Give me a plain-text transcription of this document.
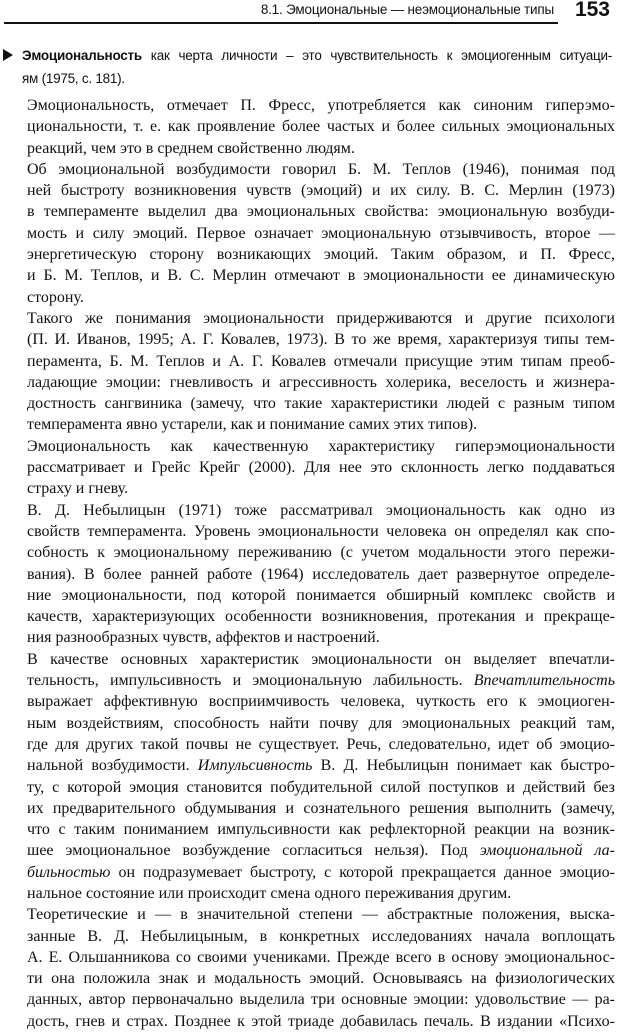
8.1. Эмоциональные — неэмоциональные типы 153

Эмоциональность как черта личности – это чувствительность к эмоциогенным ситуаци-
ям (1975, с. 181).

Эмоциональность, отмечает П. Фресс, употребляется как синоним гиперэмо-
циональности, т. е. как проявление более частых и более сильных эмоциональных
реакций, чем это в среднем свойственно людям.

Об эмоциональной возбудимости говорил Б. М. Теплов (1946), понимая под
ней быстроту возникновения чувств (эмоций) и их силу. В. С. Мерлин (1973)
в темпераменте выделил два эмоциональных свойства: эмоциональную возбуди-
мость и силу эмоций. Первое означает эмоциональную отзывчивость, второе —
энергетическую сторону возникающих эмоций. Таким образом, и П. Фресс,
и Б. М. Теплов, и В. С. Мерлин отмечают в эмоциональности ее динамическую
сторону.

Такого же понимания эмоциональности придерживаются и другие психологи
(П. И. Иванов, 1995; А. Г. Ковалев, 1973). В то же время, характеризуя типы тем-
перамента, Б. М. Теплов и А. Г. Ковалев отмечали присущие этим типам преоб-
ладающие эмоции: гневливость и агрессивность холерика, веселость и жизнера-
достность сангвиника (замечу, что такие характеристики людей с разным типом
темперамента явно устарели, как и понимание самих этих типов).

Эмоциональность как качественную характеристику гиперэмоциональности
рассматривает и Грейс Крейг (2000). Для нее это склонность легко поддаваться
страху и гневу.

В. Д. Небылицын (1971) тоже рассматривал эмоциональность как одно из
свойств темперамента. Уровень эмоциональности человека он определял как спо-
собность к эмоциональному переживанию (с учетом модальности этого пережи-
вания). В более ранней работе (1964) исследователь дает развернутое определе-
ние эмоциональности, под которой понимается обширный комплекс свойств и
качеств, характеризующих особенности возникновения, протекания и прекраще-
ния разнообразных чувств, аффектов и настроений.

В качестве основных характеристик эмоциональности он выделяет впечатли-
тельность, импульсивность и эмоциональную лабильность. Впечатлительность
выражает аффективную восприимчивость человека, чуткость его к эмоциоген-
ным воздействиям, способность найти почву для эмоциональных реакций там,
где для других такой почвы не существует. Речь, следовательно, идет об эмоцио-
нальной возбудимости. Импульсивность В. Д. Небылицын понимает как быстро-
ту, с которой эмоция становится побудительной силой поступков и действий без
их предварительного обдумывания и сознательного решения выполнить (замечу,
что с таким пониманием импульсивности как рефлекторной реакции на возник-
шее эмоциональное возбуждение согласиться нельзя). Под эмоциональной ла-
бильностью он подразумевает быстроту, с которой прекращается данное эмоцио-
нальное состояние или происходит смена одного переживания другим.

Теоретические и — в значительной степени — абстрактные положения, выска-
занные В. Д. Небылицыным, в конкретных исследованиях начала воплощать
А. Е. Ольшанникова со своими учениками. Прежде всего в основу эмоциональнос-
ти она положила знак и модальность эмоций. Основываясь на физиологических
данных, автор первоначально выделила три основные эмоции: удовольствие — ра-
дость, гнев и страх. Позднее к этой триаде добавилась печаль. В издании «Психо-
